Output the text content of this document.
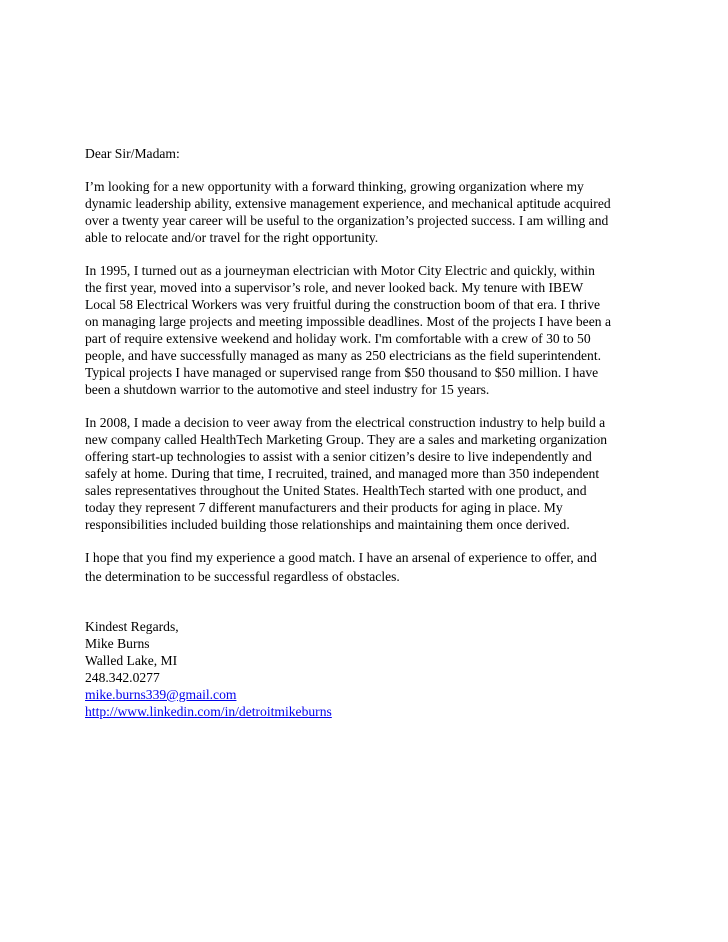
Dear Sir/Madam:
I’m looking for a new opportunity with a forward thinking, growing organization where my
dynamic leadership ability, extensive management experience, and mechanical aptitude acquired
over a twenty year career will be useful to the organization’s projected success. I am willing and
able to relocate and/or travel for the right opportunity.
In 1995, I turned out as a journeyman electrician with Motor City Electric and quickly, within
the first year, moved into a supervisor’s role, and never looked back. My tenure with IBEW
Local 58 Electrical Workers was very fruitful during the construction boom of that era. I thrive
on managing large projects and meeting impossible deadlines. Most of the projects I have been a
part of require extensive weekend and holiday work. I'm comfortable with a crew of 30 to 50
people, and have successfully managed as many as 250 electricians as the field superintendent.
Typical projects I have managed or supervised range from $50 thousand to $50 million. I have
been a shutdown warrior to the automotive and steel industry for 15 years.
In 2008, I made a decision to veer away from the electrical construction industry to help build a
new company called HealthTech Marketing Group. They are a sales and marketing organization
offering start-up technologies to assist with a senior citizen’s desire to live independently and
safely at home. During that time, I recruited, trained, and managed more than 350 independent
sales representatives throughout the United States. HealthTech started with one product, and
today they represent 7 different manufacturers and their products for aging in place. My
responsibilities included building those relationships and maintaining them once derived.
I hope that you find my experience a good match. I have an arsenal of experience to offer, and
the determination to be successful regardless of obstacles.
Kindest Regards,
Mike Burns
Walled Lake, MI
248.342.0277
mike.burns339@gmail.com
http://www.linkedin.com/in/detroitmikeburns
